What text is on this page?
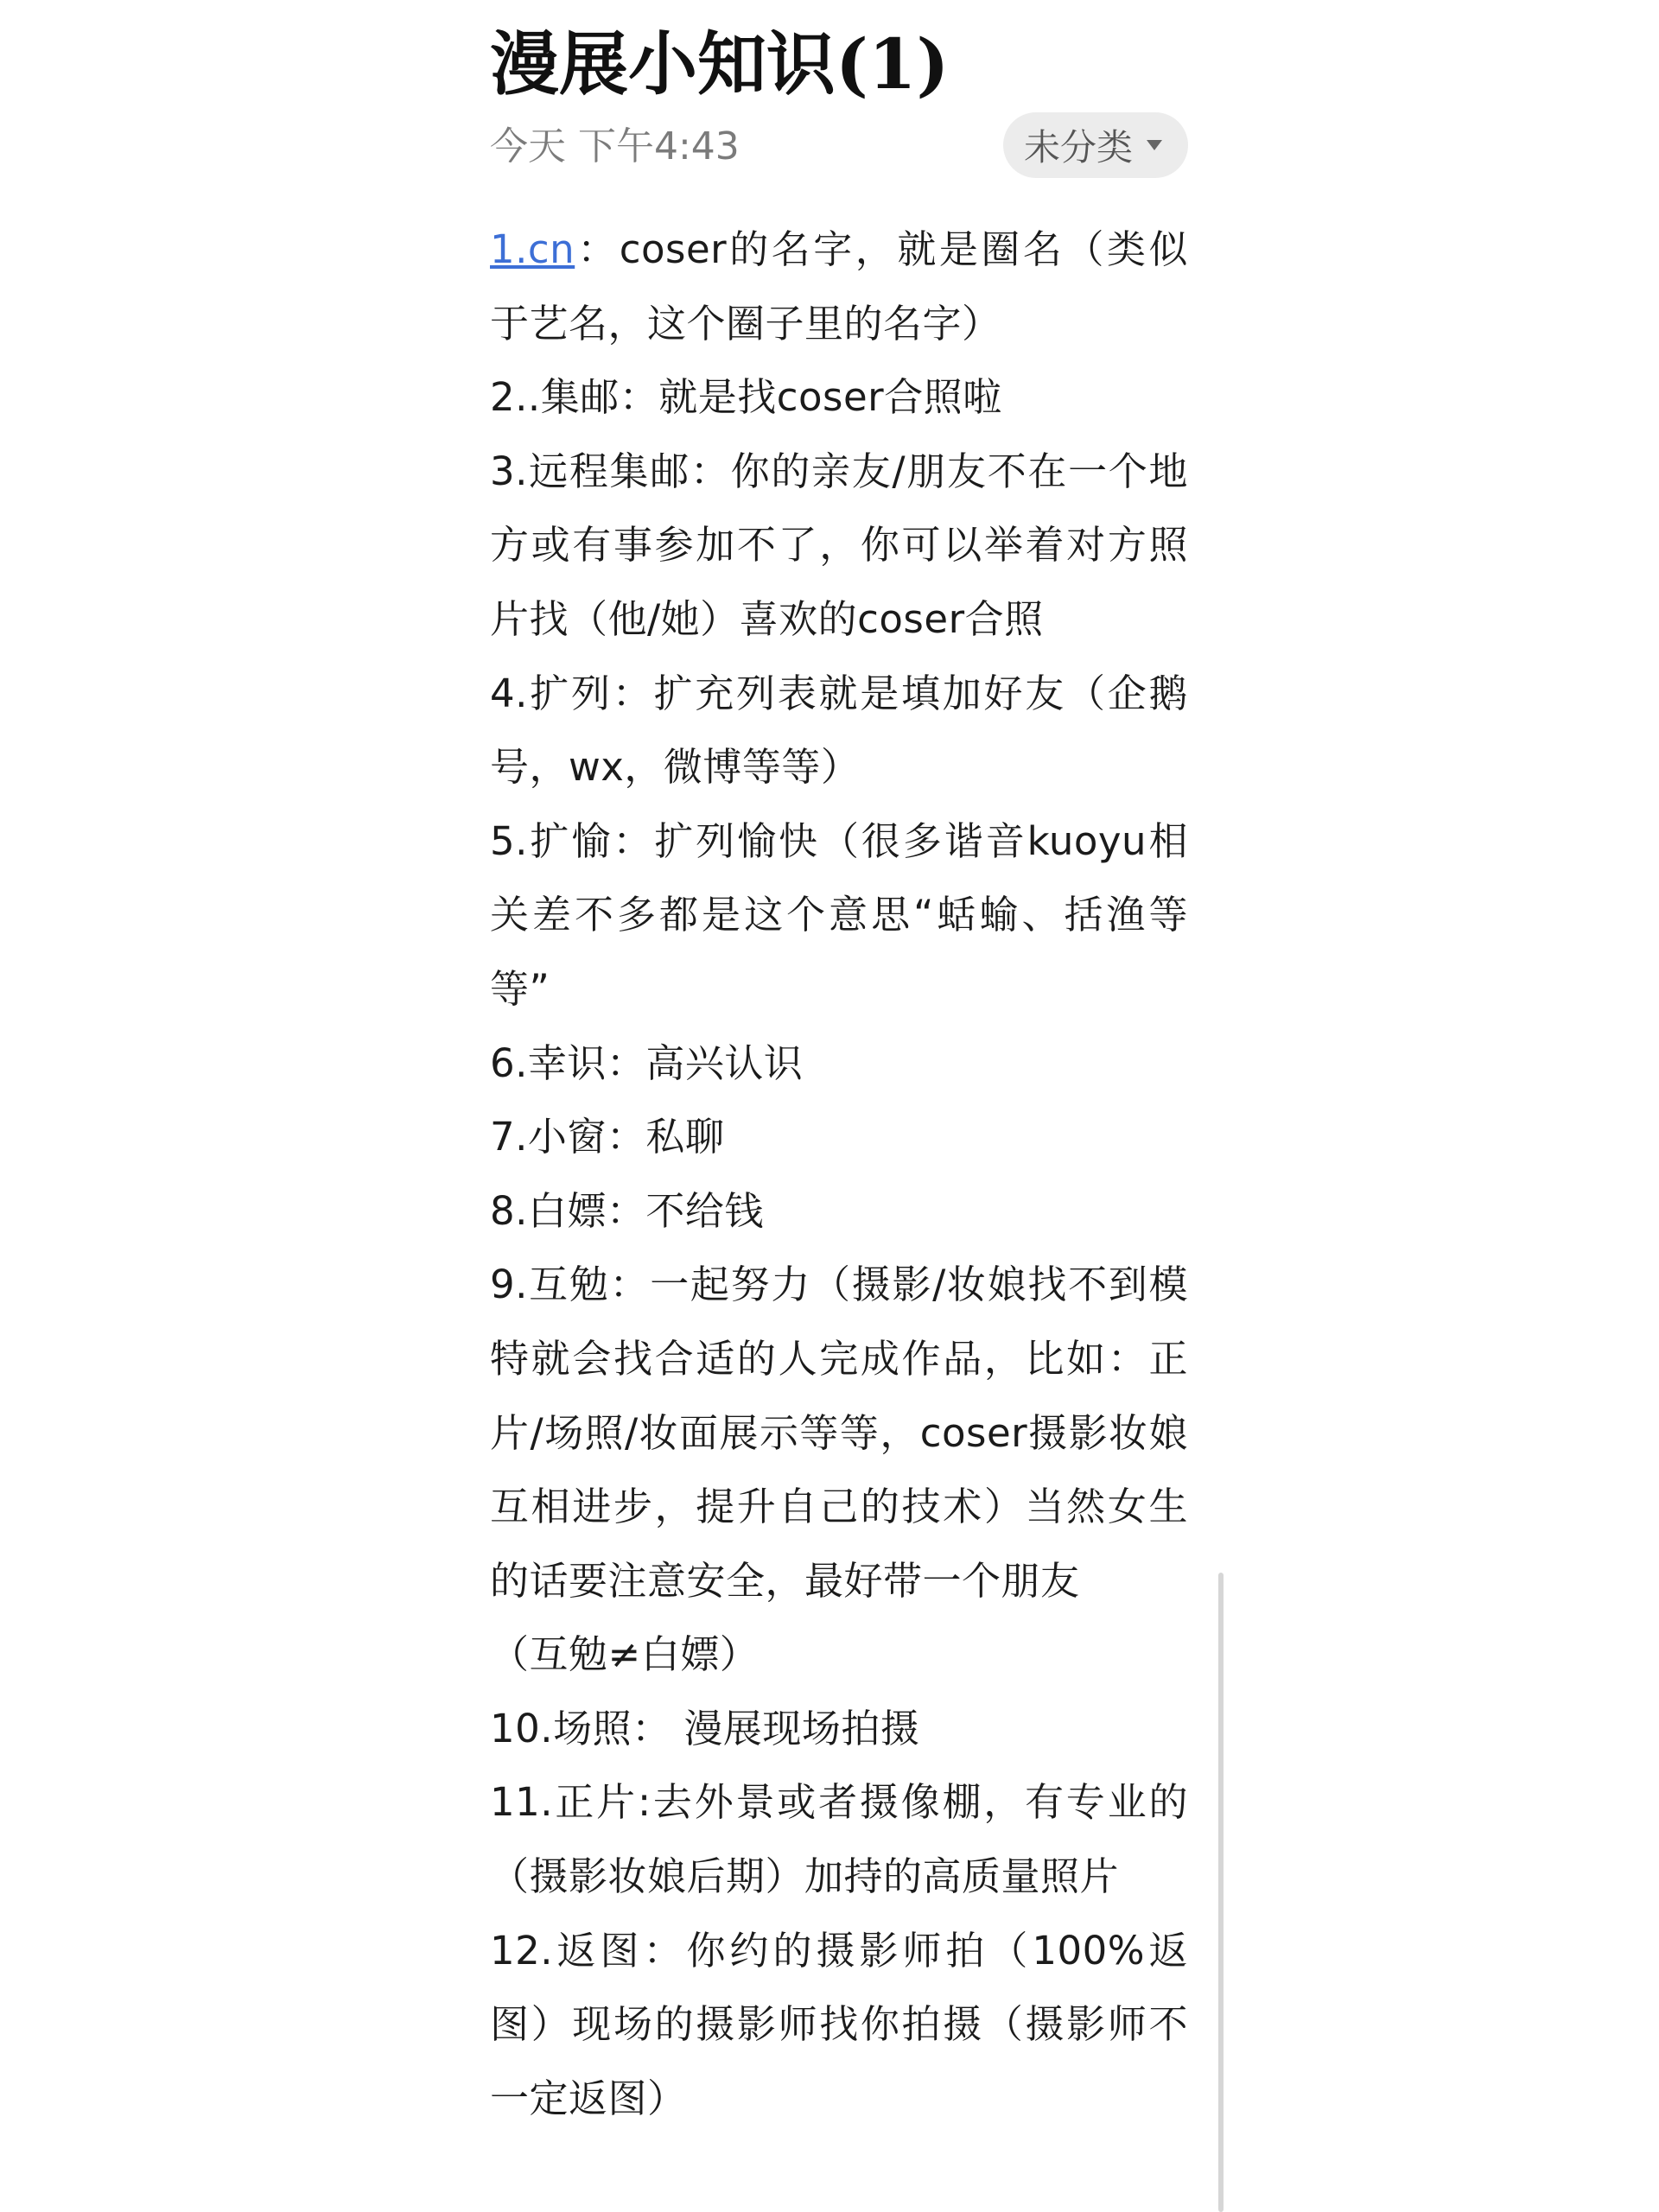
漫展小知识(1)
今天 下午4:43	未分类

1.cn：coser的名字，就是圈名（类似于艺名，这个圈子里的名字）

2..集邮：就是找coser合照啦

3.远程集邮：你的亲友/朋友不在一个地方或有事参加不了，你可以举着对方照片找（他/她）喜欢的coser合照

4.扩列：扩充列表就是填加好友（企鹅号，wx，微博等等）

5.扩愉：扩列愉快（很多谐音kuoyu相关差不多都是这个意思“蛞蝓、括渔等等”

6.幸识：高兴认识

7.小窗：私聊

8.白嫖：不给钱

9.互勉：一起努力（摄影/妆娘找不到模特就会找合适的人完成作品，比如：正片/场照/妆面展示等等，coser摄影妆娘互相进步，提升自己的技术）当然女生的话要注意安全，最好带一个朋友

（互勉≠白嫖）

10.场照： 漫展现场拍摄

11.正片:去外景或者摄像棚，有专业的（摄影妆娘后期）加持的高质量照片

12.返图：你约的摄影师拍（100%返图）现场的摄影师找你拍摄（摄影师不一定返图）
